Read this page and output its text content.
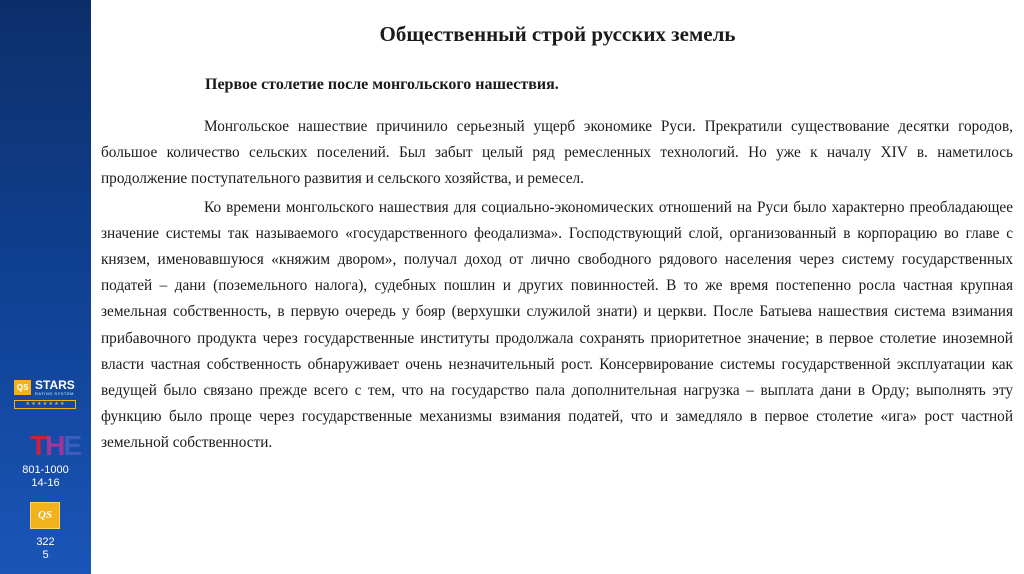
QS STARS
RATING SYSTEM
★ ★ ★ ★ ★ ★ ★
THE
801-1000
14-16
QS
322
5
Общественный строй русских земель
Первое столетие после монгольского нашествия.

Монгольское нашествие причинило серьезный ущерб экономике Руси. Прекратили существование десятки городов, большое количество сельских поселений. Был забыт целый ряд ремесленных технологий. Но уже к началу XIV в. наметилось продолжение поступательного развития и сельского хозяйства, и ремесел.

Ко времени монгольского нашествия для социально-экономических отношений на Руси было характерно преобладающее значение системы так называемого «государственного феодализма». Господствующий слой, организованный в корпорацию во главе с князем, именовавшуюся «княжим двором», получал доход от лично свободного рядового населения через систему государственных податей – дани (поземельного налога), судебных пошлин и других повинностей. В то же время постепенно росла частная крупная земельная собственность, в первую очередь у бояр (верхушки служилой знати) и церкви. После Батыева нашествия система взимания прибавочного продукта через государственные институты продолжала сохранять приоритетное значение; в первое столетие иноземной власти частная собственность обнаруживает очень незначительный рост. Консервирование системы государственной эксплуатации как ведущей было связано прежде всего с тем, что на государство пала дополнительная нагрузка – выплата дани в Орду; выполнять эту функцию было проще через государственные механизмы взимания податей, что и замедляло в первое столетие «ига» рост частной земельной собственности.
